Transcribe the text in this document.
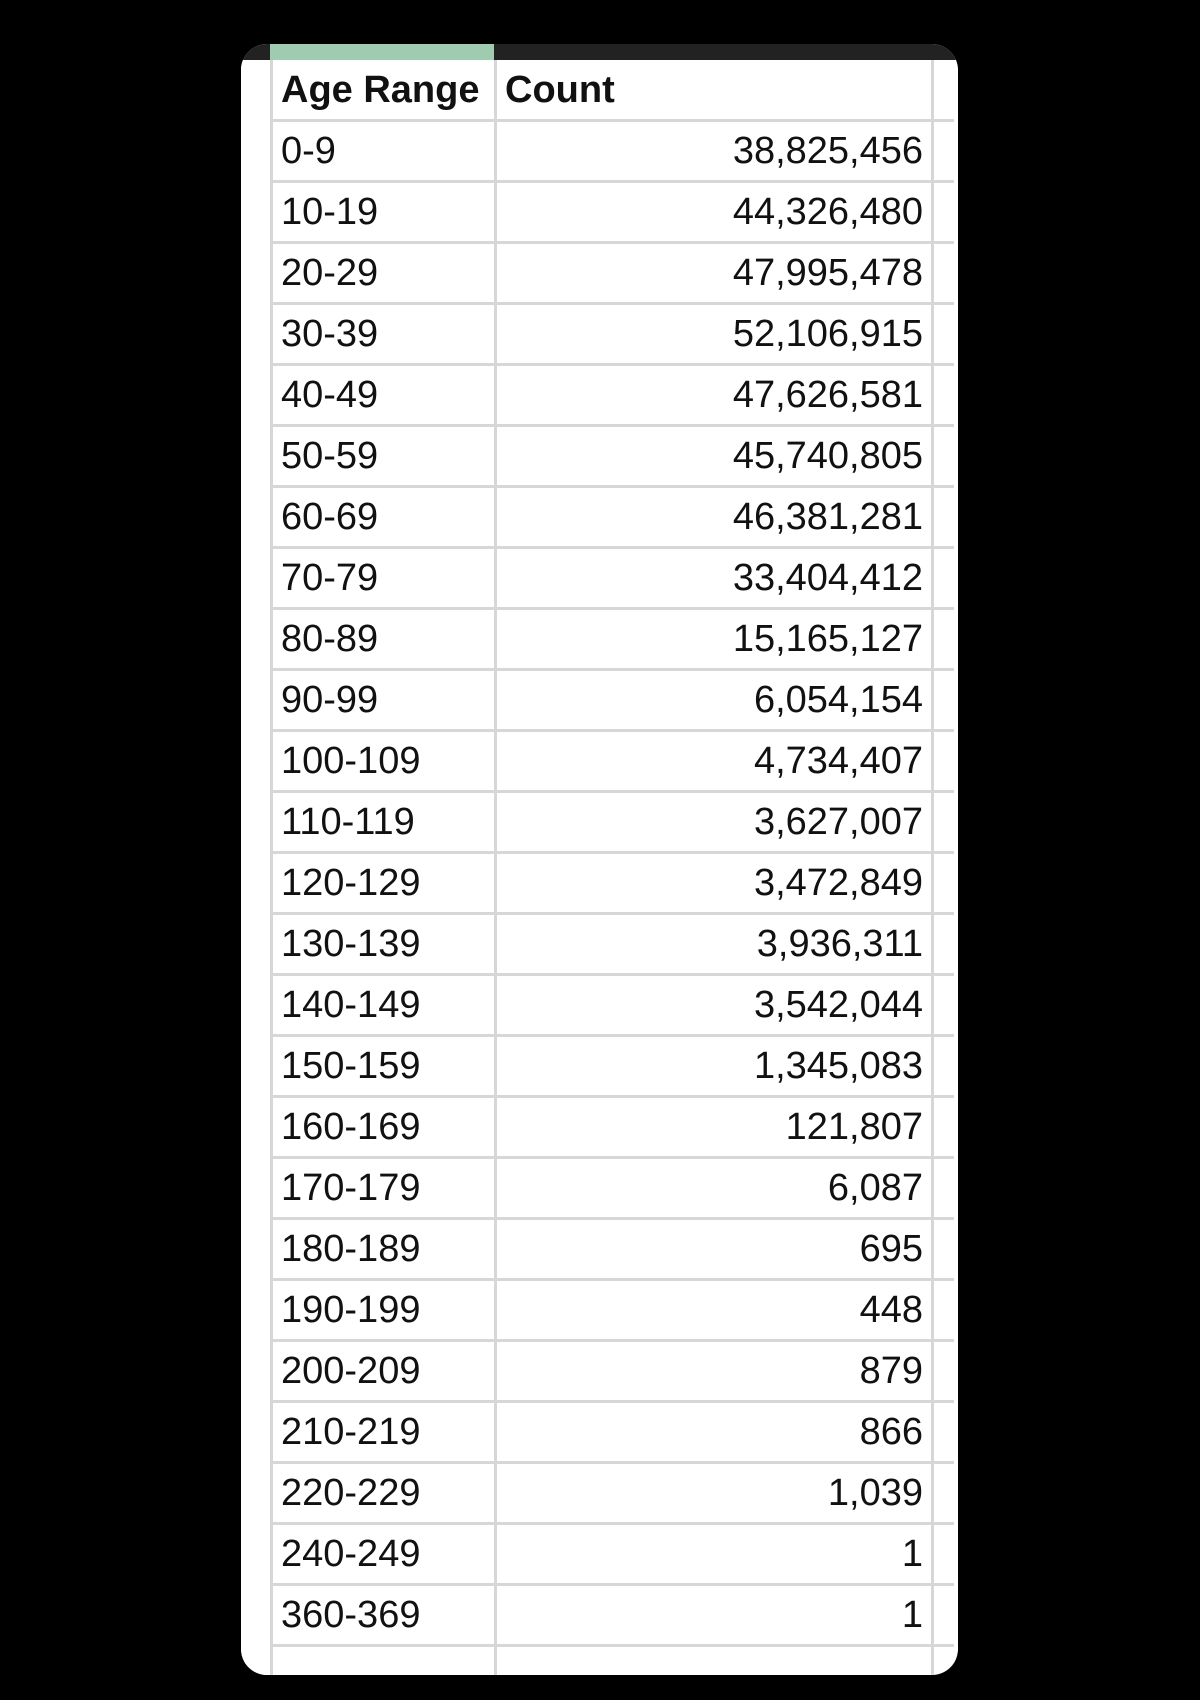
Age Range	Count	
0-9	38,825,456	
10-19	44,326,480	
20-29	47,995,478	
30-39	52,106,915	
40-49	47,626,581	
50-59	45,740,805	
60-69	46,381,281	
70-79	33,404,412	
80-89	15,165,127	
90-99	6,054,154	
100-109	4,734,407	
110-119	3,627,007	
120-129	3,472,849	
130-139	3,936,311	
140-149	3,542,044	
150-159	1,345,083	
160-169	121,807	
170-179	6,087	
180-189	695	
190-199	448	
200-209	879	
210-219	866	
220-229	1,039	
240-249	1	
360-369	1	
